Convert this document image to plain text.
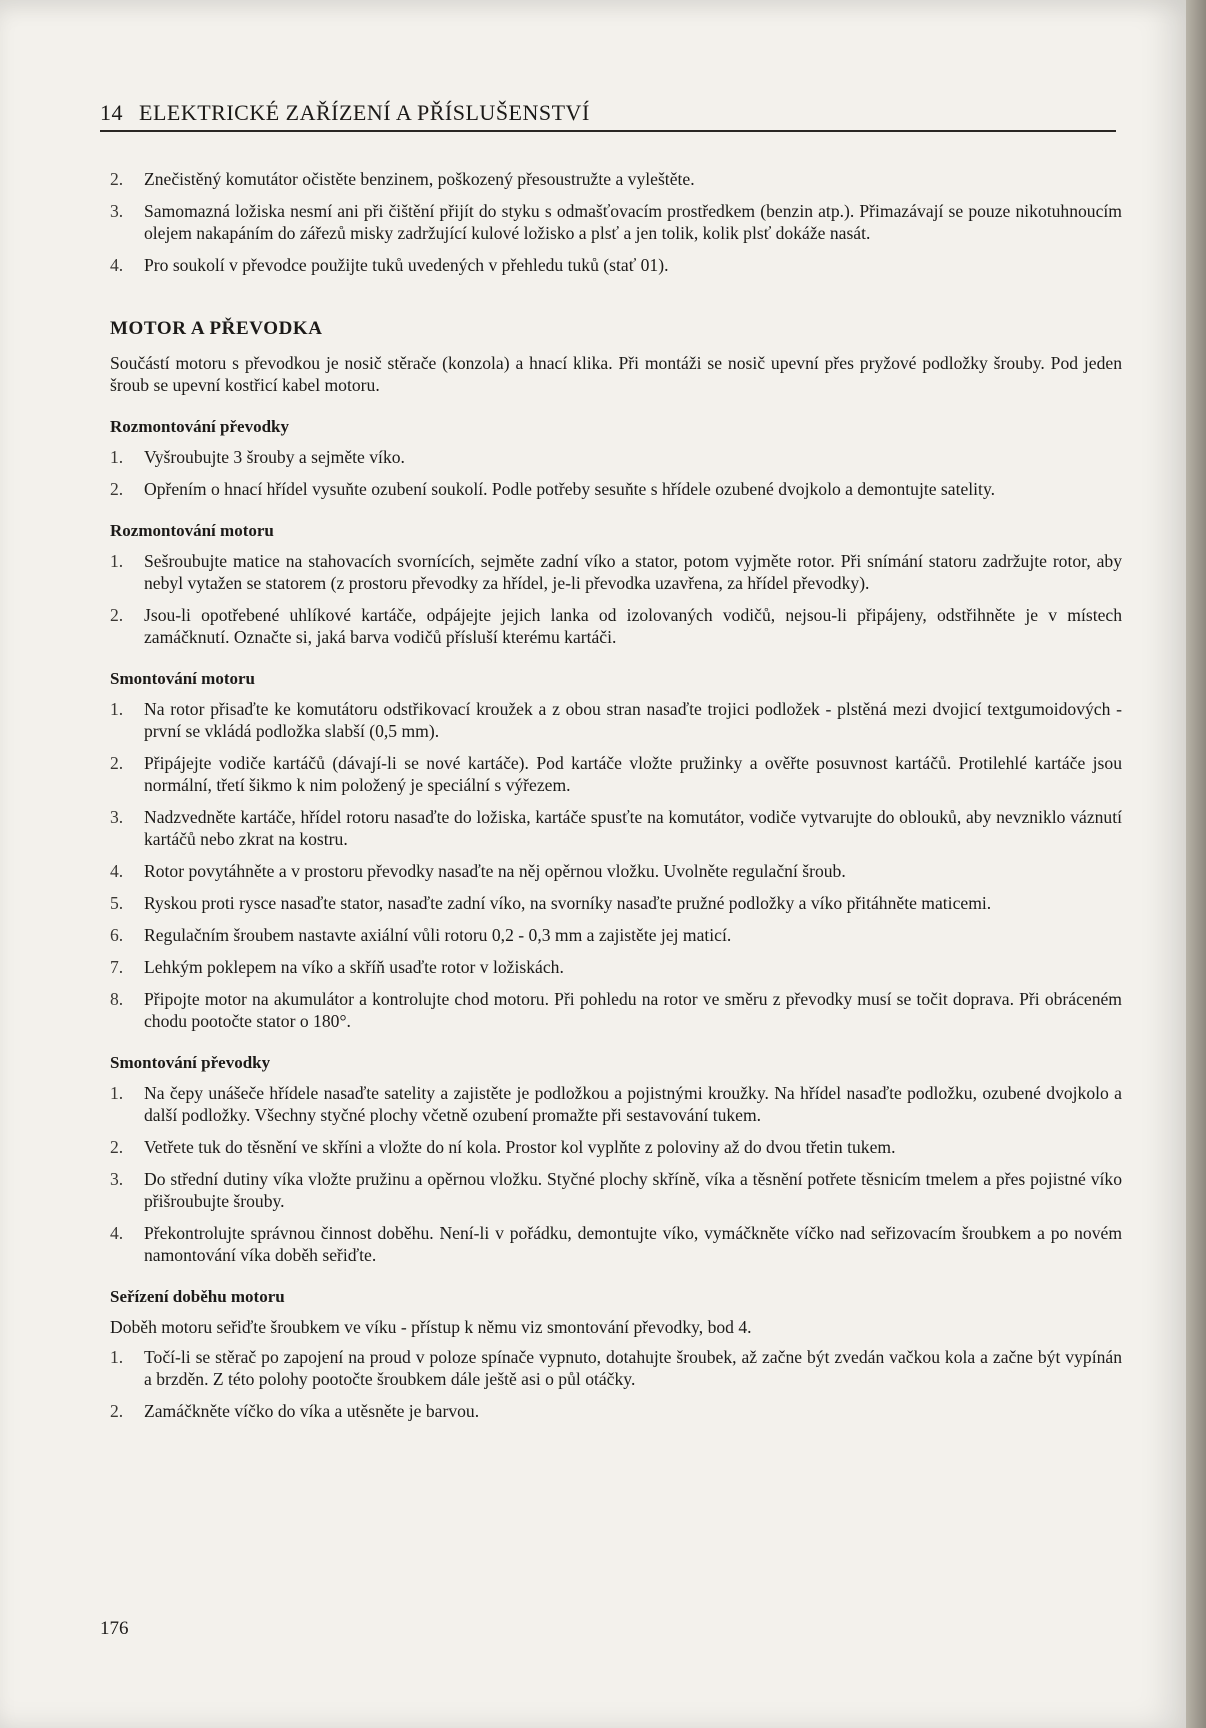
14 ELEKTRICKÉ ZAŘÍZENÍ A PŘÍSLUŠENSTVÍ
2.	Znečistěný komutátor očistěte benzinem, poškozený přesoustružte a vyleštěte.
3.	Samomazná ložiska nesmí ani při čištění přijít do styku s odmašťovacím prostředkem (benzin atp.). Přimazávají se pouze nikotuhnoucím olejem nakapáním do zářezů misky zadržující kulové ložisko a plsť a jen tolik, kolik plsť dokáže nasát.
4.	Pro soukolí v převodce použijte tuků uvedených v přehledu tuků (stať 01).
MOTOR A PŘEVODKA

Součástí motoru s převodkou je nosič stěrače (konzola) a hnací klika. Při montáži se nosič upevní přes pryžové podložky šrouby. Pod jeden šroub se upevní kostřicí kabel motoru.

Rozmontování převodky
1.	Vyšroubujte 3 šrouby a sejměte víko.
2.	Opřením o hnací hřídel vysuňte ozubení soukolí. Podle potřeby sesuňte s hřídele ozubené dvojkolo a demontujte satelity.
Rozmontování motoru
1.	Sešroubujte matice na stahovacích svornících, sejměte zadní víko a stator, potom vyjměte rotor. Při snímání statoru zadržujte rotor, aby nebyl vytažen se statorem (z prostoru převodky za hřídel, je-li převodka uzavřena, za hřídel převodky).
2.	Jsou-li opotřebené uhlíkové kartáče, odpájejte jejich lanka od izolovaných vodičů, nejsou-li připájeny, odstřihněte je v místech zamáčknutí. Označte si, jaká barva vodičů přísluší kterému kartáči.
Smontování motoru
1.	Na rotor přisaďte ke komutátoru odstřikovací kroužek a z obou stran nasaďte trojici podložek - plstěná mezi dvojicí textgumoidových - první se vkládá podložka slabší (0,5 mm).
2.	Připájejte vodiče kartáčů (dávají-li se nové kartáče). Pod kartáče vložte pružinky a ověřte posuvnost kartáčů. Protilehlé kartáče jsou normální, třetí šikmo k nim položený je speciální s výřezem.
3.	Nadzvedněte kartáče, hřídel rotoru nasaďte do ložiska, kartáče spusťte na komutátor, vodiče vytvarujte do oblouků, aby nevzniklo váznutí kartáčů nebo zkrat na kostru.
4.	Rotor povytáhněte a v prostoru převodky nasaďte na něj opěrnou vložku. Uvolněte regulační šroub.
5.	Ryskou proti rysce nasaďte stator, nasaďte zadní víko, na svorníky nasaďte pružné podložky a víko přitáhněte maticemi.
6.	Regulačním šroubem nastavte axiální vůli rotoru 0,2 - 0,3 mm a zajistěte jej maticí.
7.	Lehkým poklepem na víko a skříň usaďte rotor v ložiskách.
8.	Připojte motor na akumulátor a kontrolujte chod motoru. Při pohledu na rotor ve směru z převodky musí se točit doprava. Při obráceném chodu pootočte stator o 180°.
Smontování převodky
1.	Na čepy unášeče hřídele nasaďte satelity a zajistěte je podložkou a pojistnými kroužky. Na hřídel nasaďte podložku, ozubené dvojkolo a další podložky. Všechny styčné plochy včetně ozubení promažte při sestavování tukem.
2.	Vetřete tuk do těsnění ve skříni a vložte do ní kola. Prostor kol vyplňte z poloviny až do dvou třetin tukem.
3.	Do střední dutiny víka vložte pružinu a opěrnou vložku. Styčné plochy skříně, víka a těsnění potřete těsnicím tmelem a přes pojistné víko přišroubujte šrouby.
4.	Překontrolujte správnou činnost doběhu. Není-li v pořádku, demontujte víko, vymáčkněte víčko nad seřizovacím šroubkem a po novém namontování víka doběh seřiďte.
Seřízení doběhu motoru

Doběh motoru seřiďte šroubkem ve víku - přístup k němu viz smontování převodky, bod 4.

1.	Točí-li se stěrač po zapojení na proud v poloze spínače vypnuto, dotahujte šroubek, až začne být zvedán vačkou kola a začne být vypínán a brzděn. Z této polohy pootočte šroubkem dále ještě asi o půl otáčky.
2.	Zamáčkněte víčko do víka a utěsněte je barvou.
176
